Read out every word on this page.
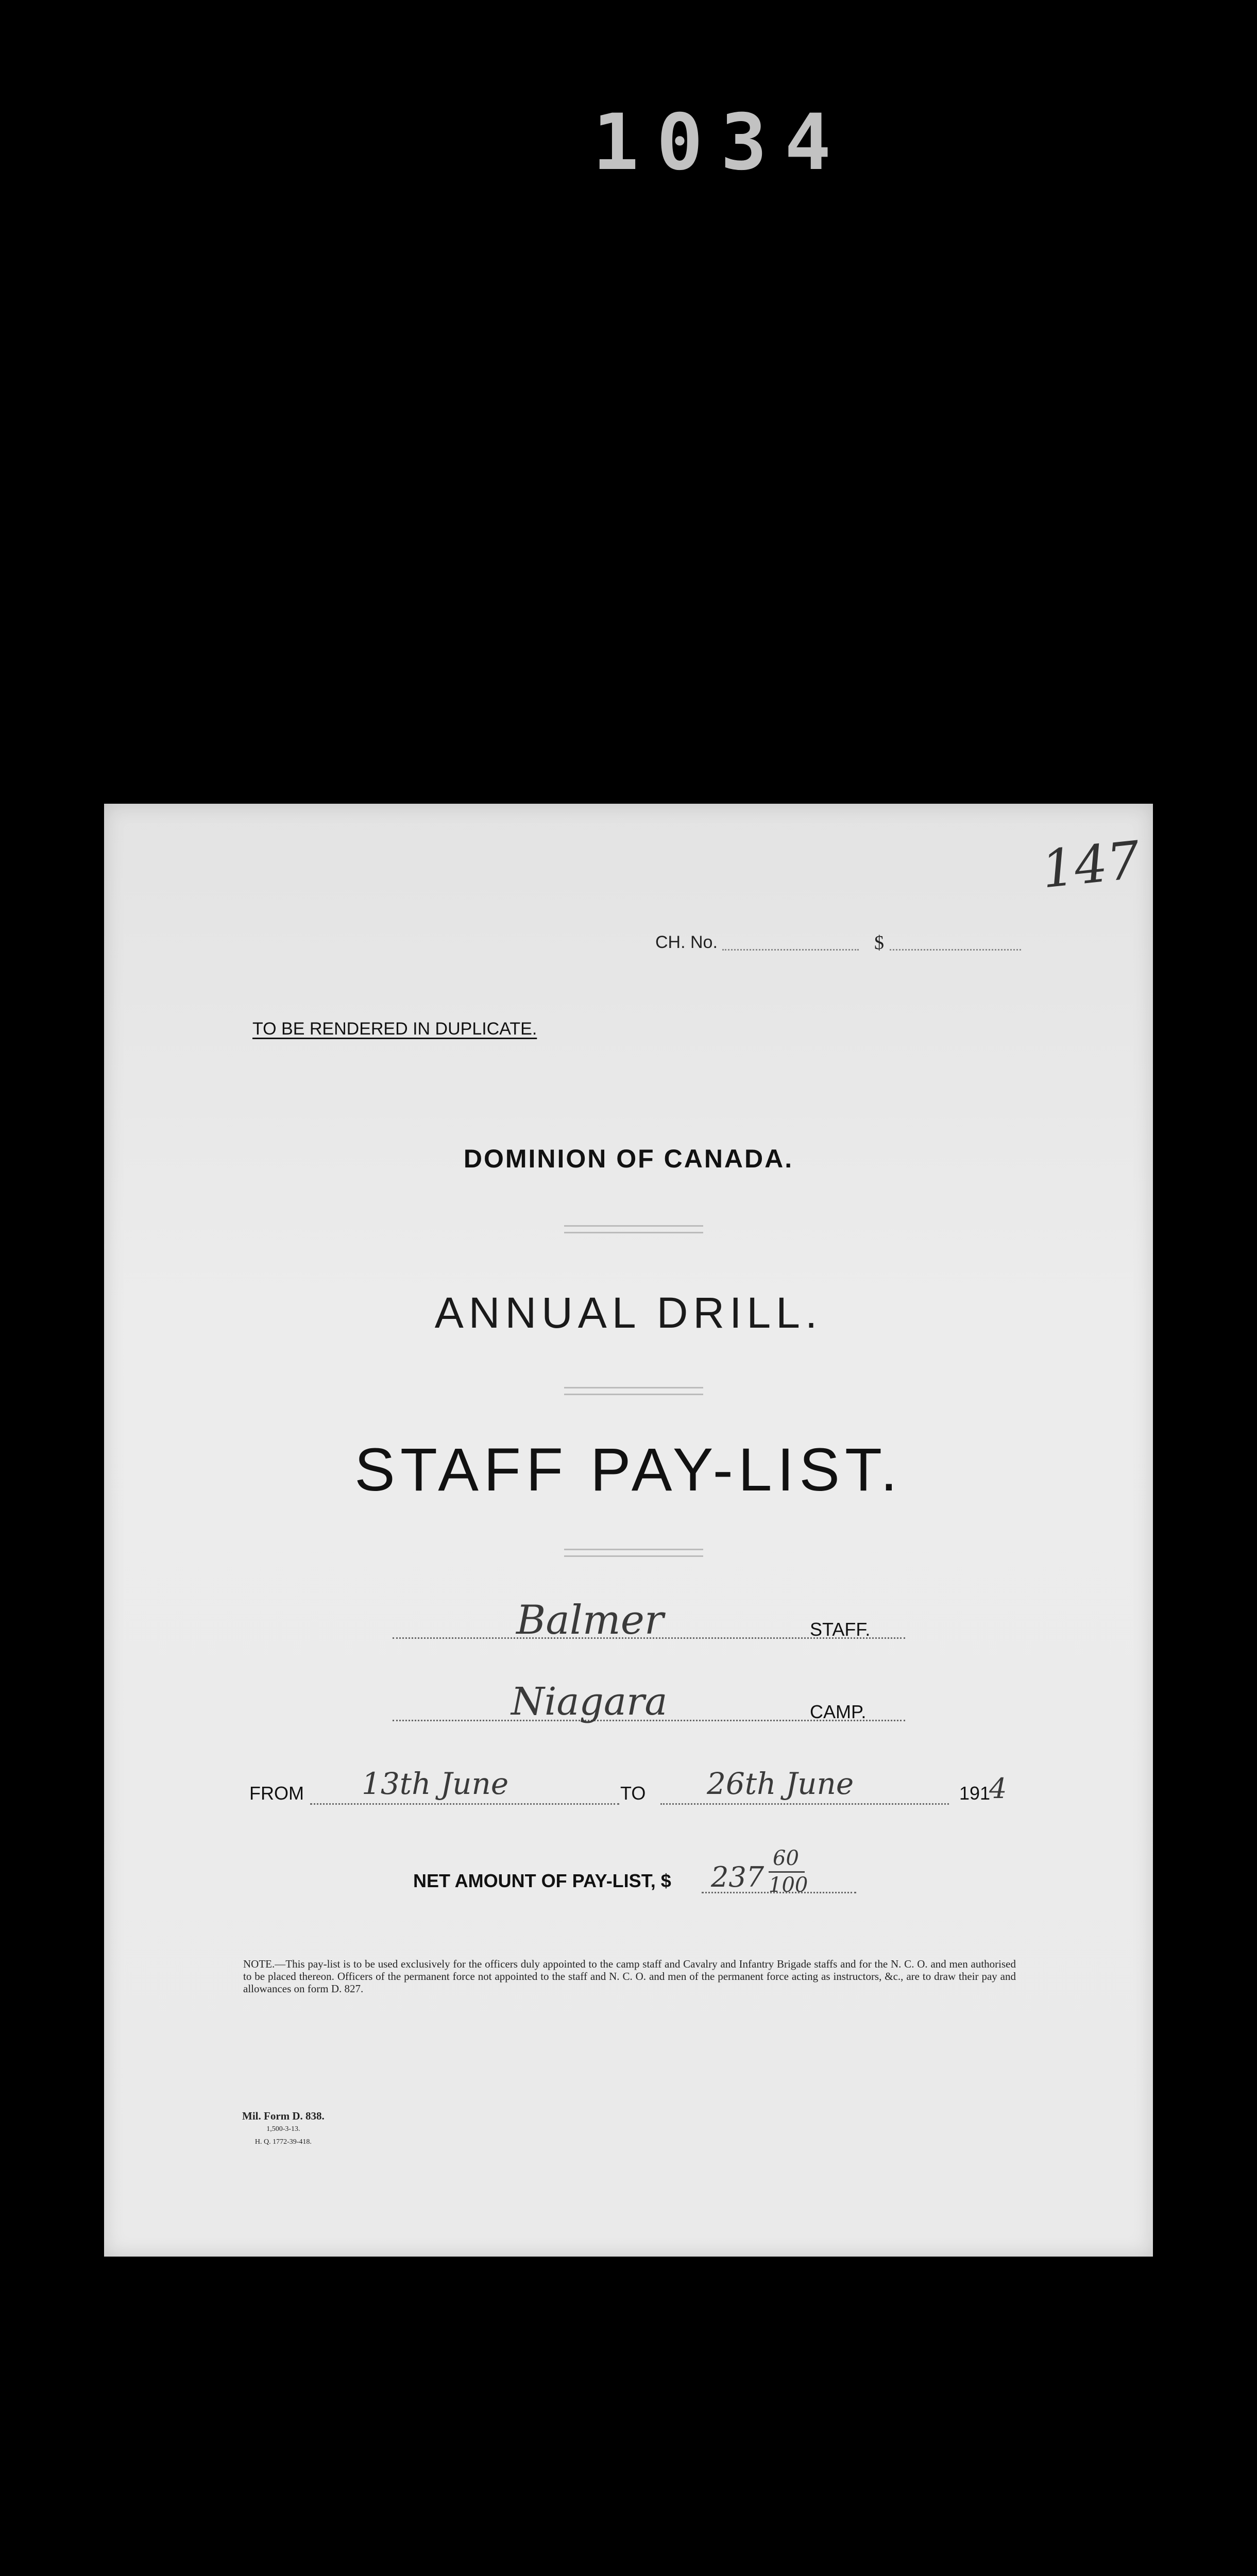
1034
147
CH. No.	$
TO BE RENDERED IN DUPLICATE.
DOMINION OF CANADA.
ANNUAL DRILL.
STAFF PAY-LIST.
Balmer	STAFF.
Niagara	CAMP.
FROM 13th June	TO 26th June	191
4
NET AMOUNT OF PAY-LIST, $ 237
60
100
NOTE.—This pay-list is to be used exclusively for the officers duly appointed to the camp staff and Cavalry and Infantry Brigade staffs and for the N. C. O. and men authorised to be placed thereon. Officers of the permanent force not appointed to the staff and N. C. O. and men of the permanent force acting as instructors, &c., are to draw their pay and allowances on form D. 827.
Mil. Form D. 838.
1,500-3-13.
H. Q. 1772-39-418.
